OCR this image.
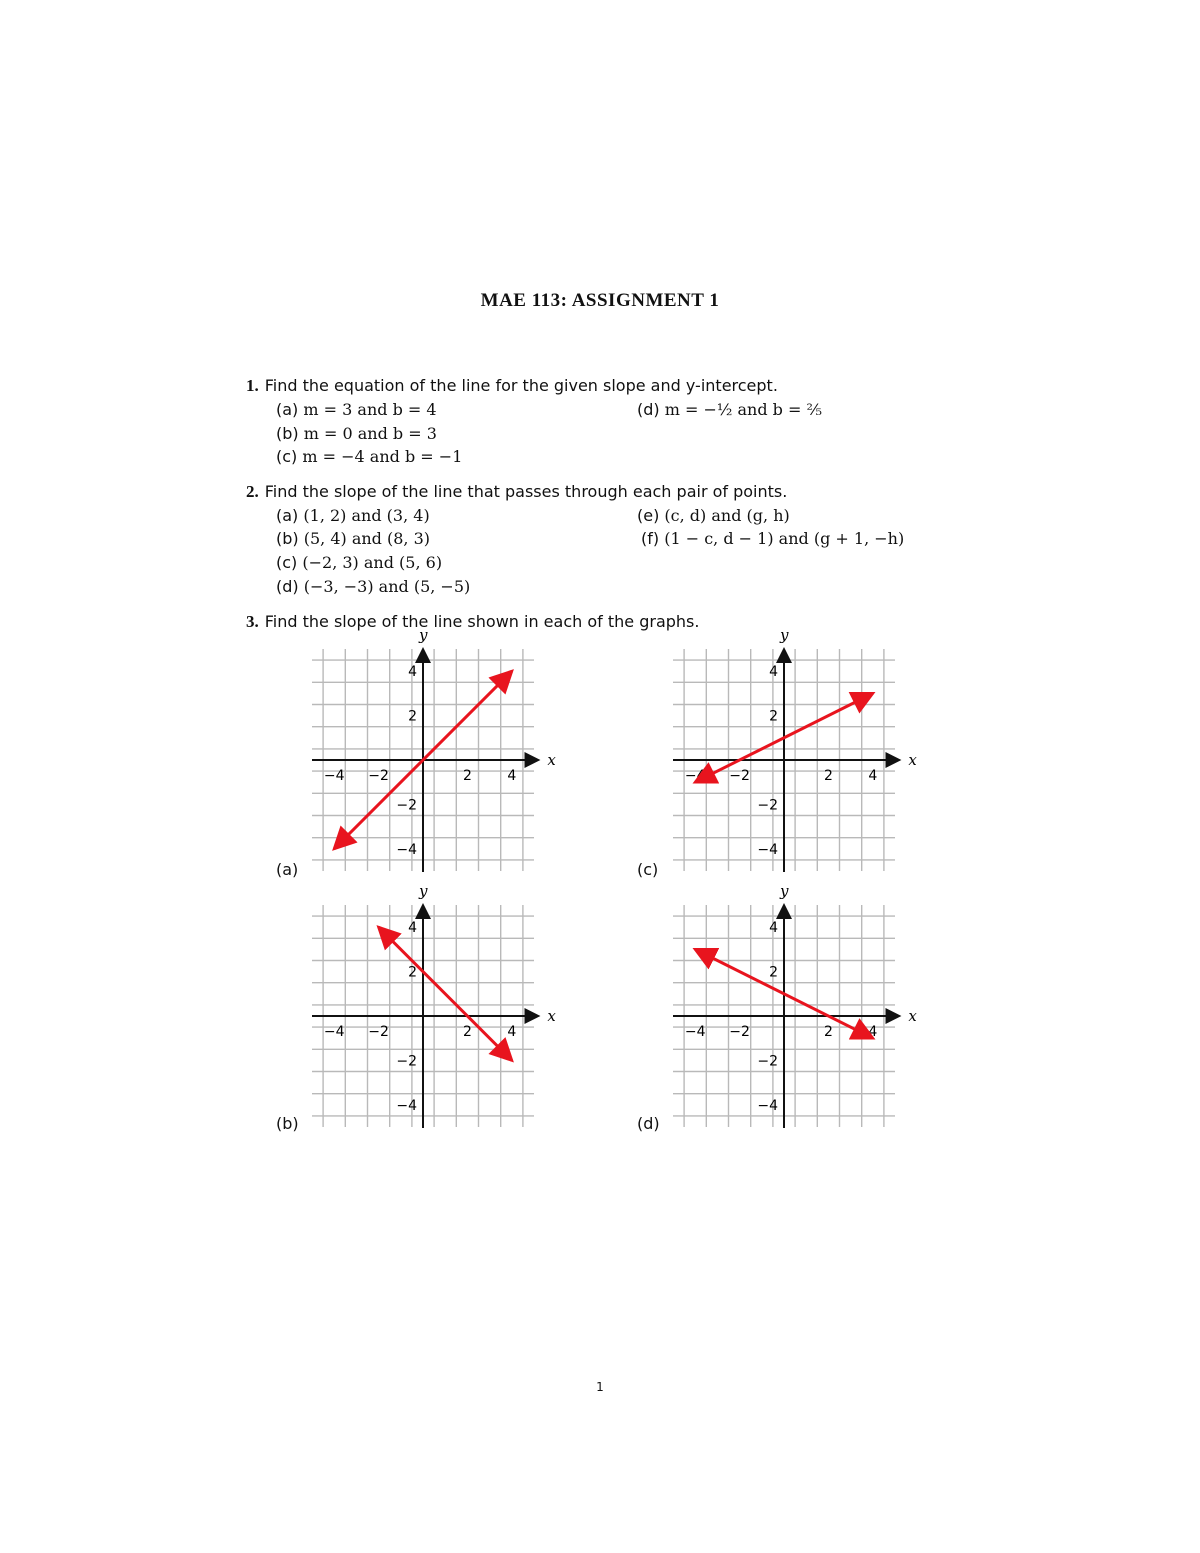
MAE 113: ASSIGNMENT 1
1. Find the equation of the line for the given slope and y-intercept.
(a) m = 3 and b = 4
(b) m = 0 and b = 3
(c) m = −4 and b = −1
(d) m = −½ and b = ⅖
2. Find the slope of the line that passes through each pair of points.
(a) (1, 2) and (3, 4)
(b) (5, 4) and (8, 3)
(c) (−2, 3) and (5, 6)
(d) (−3, −3) and (5, −5)
(e) (c, d) and (g, h)
(f) (1 − c, d − 1) and (g + 1, −h)
3. Find the slope of the line shown in each of the graphs.
x
y
−4 −2	2	4
4
2
−2
−4
(a)
x
y
−4 −2	2	4
4
2
−2
−4
(b)
x
y
−4 −2	2	4
4
2
−2
−4
(c)
x
y
−4 −2	2	4
4
2
−2
−4
(d)
1
